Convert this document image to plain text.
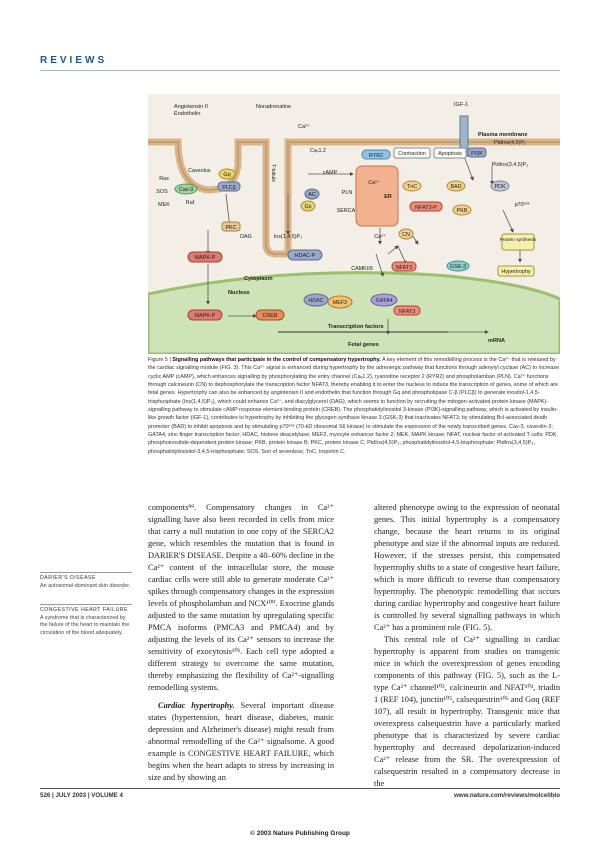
REVIEWS
Angiotensin II
Endothelin
Noradrenaline
Ca²⁺
IGF-1
Plasma membrane
Caveolus	T-tubule
Gq
PLCβ
Cav-3
Ras
SOS
Raf
MEK
PKC
DAG	Ins(1,4,5)P₃
Caᵥ1.2
AC
Gs
cAMP
RYR2
PLN
SERCA
Ca²⁺
ER
Contraction Apoptosis PI3K
PtdIns(4,5)P₂
PtdIns(3,4,5)P₃
TnC	BAD	PDK
NFAT3-P	PKB
p70ˢ⁶ᵏ
Protein synthesis
Ca²⁺	CN
MAPK-P	HDAC-P
CAMKIIδ	NFAT3
Hypertrophy
Cytoplasm
Nucleus
GSK-3
HDAC MEF2	GATA4
NFAT3
MAPK-P	CREB
Transcription factors
Fetal genes
mRNA
Figure 5 | Signalling pathways that participate in the control of compensatory hypertrophy. A key element of this remodelling process is the Ca²⁺ that is released by the cardiac signalling module (FIG. 3). This Ca²⁺ signal is enhanced during hypertrophy by the adrenergic pathway that functions through adenylyl cyclase (AC) to increase cyclic AMP (cAMP), which enhances signalling by phosphorylating the entry channel (Caᵥ1.2), ryanodine receptor 2 (RYR2) and phospholamban (PLN). Ca²⁺ functions through calcineurin (CN) to dephosphorylate the transcription factor NFAT3, thereby enabling it to enter the nucleus to induce the transcription of genes, some of which are fetal genes. Hypertrophy can also be enhanced by angiotensin II and endothelin that function through Gq and phospholipase C-β (PLCβ) to generate inositol-1,4,5-trisphosphate (Ins(1,4,5)P₃), which could enhance Ca²⁺, and diacylglycerol (DAG), which seems to function by recruiting the mitogen-activated protein kinase (MAPK)-signalling pathway to stimulate cAMP response element-binding protein (CREB). The phosphatidylinositol 3-kinase (PI3K)-signalling pathway, which is activated by insulin-like growth factor (IGF-1), contributes to hypertrophy by inhibiting the glycogen synthase kinase 3 (GSK-3) that inactivates NFAT3; by stimulating Bcl-associated death promoter (BAD) to inhibit apoptosis and by stimulating p70ˢ⁶ᵏ (70-kD ribosomal S6 kinase) to stimulate the expression of the newly transcribed genes. Cav-3, caveolin-3; GATA4, zinc-finger transcription factor; HDAC, histone deacetylase; MEF2, myocyte enhancer factor 2; MEK, MAPK kinase; NFAT, nuclear factor of activated T cells; PDK, phosphoinositide-dependent protein kinase; PKB, protein kinase B; PKC, protein kinase C; PtdIns(4,5)P₂, phosphatidylinositol-4,5-bisphosphate; PtdIns(3,4,5)P₃, phosphatidylinositol-3,4,5-trisphosphate; SOS, Son of sevenless; TnC, troponin C.
DARIER'S DISEASE
An autosomal-dominant skin disorder.
CONGESTIVE HEART FAILURE
A syndrome that is characterized by the failure of the heart to maintain the circulation of the blood adequately.

components⁹⁹. Compensatory changes in Ca²⁺ signalling have also been recorded in cells from mice that carry a null mutation in one copy of the SERCA2 gene, which resembles the mutation that is found in DARIER'S DISEASE. Despite a 40–60% decline in the Ca²⁺ content of the intracellular store, the mouse cardiac cells were still able to generate moderate Ca²⁺ spikes through compensatory changes in the expression levels of phospholamban and NCX¹⁰⁰. Exocrine glands adjusted to the same mutation by upregulating specific PMCA isoforms (PMCA3 and PMCA4) and by adjusting the levels of its Ca²⁺ sensors to increase the sensitivity of exocytosis¹⁰¹. Each cell type adopted a different strategy to overcome the same mutation, thereby emphasizing the flexibility of Ca²⁺-signalling remodelling systems.

Cardiac hypertrophy. Several important disease states (hypertension, heart disease, diabetes, manic depression and Alzheimer's disease) might result from abnormal remodelling of the Ca²⁺ signalsome. A good example is CONGESTIVE HEART FAILURE, which begins when the heart adapts to stress by increasing in size and by showing an

altered phenotype owing to the expression of neonatal genes. This initial hypertrophy is a compensatory change, because the heart returns to its original phenotype and size if the abnormal inputs are reduced. However, if the stresses persist, this compensated hypertrophy shifts to a state of congestive heart failure, which is more difficult to reverse than compensatory hypertrophy. The phenotypic remodelling that occurs during cardiac hypertrophy and congestive heart failure is controlled by several signalling pathways in which Ca²⁺ has a prominent role (FIG. 5).

This central role of Ca²⁺ signalling in cardiac hypertrophy is apparent from studies on transgenic mice in which the overexpression of genes encoding components of this pathway (FIG. 5), such as the L-type Ca²⁺ channel¹⁰², calcineurin and NFAT¹⁰³, triadin 1 (REF 104), junctin¹⁰⁵, calsequestrin¹⁰⁶ and Gαq (REF 107), all result in hypertrophy. Transgenic mice that overexpress calsequestrin have a particularly marked phenotype that is characterized by severe cardiac hypertrophy and decreased depolarization-induced Ca²⁺ release from the SR. The overexpression of calsequestrin resulted in a compensatory decrease in the

526 | JULY 2003 | VOLUME 4	www.nature.com/reviews/molcellbio
© 2003 Nature Publishing Group
